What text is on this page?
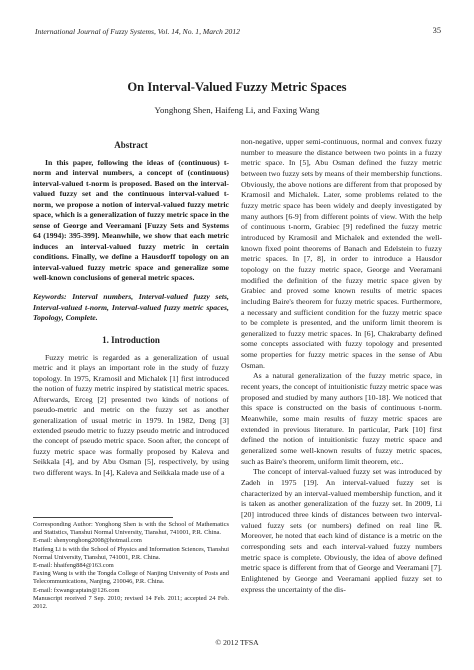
International Journal of Fuzzy Systems, Vol. 14, No. 1, March 2012	35
On Interval-Valued Fuzzy Metric Spaces
Yonghong Shen, Haifeng Li, and Faxing Wang
Abstract

In this paper, following the ideas of (continuous) t-norm and interval numbers, a concept of (continuous) interval-valued t-norm is proposed. Based on the interval-valued fuzzy set and the continuous interval-valued t-norm, we propose a notion of interval-valued fuzzy metric space, which is a generalization of fuzzy metric space in the sense of George and Veeramani [Fuzzy Sets and Systems 64 (1994): 395-399]. Meanwhile, we show that each metric induces an interval-valued fuzzy metric in certain conditions. Finally, we define a Hausdorff topology on an interval-valued fuzzy metric space and generalize some well-known conclusions of general metric spaces.

Keywords: Interval numbers, Interval-valued fuzzy sets, Interval-valued t-norm, Interval-valued fuzzy metric spaces, Topology, Complete.

1. Introduction

Fuzzy metric is regarded as a generalization of usual metric and it plays an important role in the study of fuzzy topology. In 1975, Kramosil and Michalek [1] first introduced the notion of fuzzy metric inspired by statistical metric spaces. Afterwards, Erceg [2] presented two kinds of notions of pseudo-metric and metric on the fuzzy set as another generalization of usual metric in 1979. In 1982, Deng [3] extended pseudo metric to fuzzy pseudo metric and introduced the concept of pseudo metric space. Soon after, the concept of fuzzy metric space was formally proposed by Kaleva and Seikkala [4], and by Abu Osman [5], respectively, by using two different ways. In [4], Kaleva and Seikkala made use of a

non-negative, upper semi-continuous, normal and convex fuzzy number to measure the distance between two points in a fuzzy metric space. In [5], Abu Osman defined the fuzzy metric between two fuzzy sets by means of their membership functions. Obviously, the above notions are different from that proposed by Kramosil and Michalek. Later, some problems related to the fuzzy metric space has been widely and deeply investigated by many authors [6-9] from different points of view. With the help of continuous t-norm, Grabiec [9] redefined the fuzzy metric introduced by Kramosil and Michalek and extended the well-known fixed point theorems of Banach and Edelstein to fuzzy metric spaces. In [7, 8], in order to introduce a Hausdor topology on the fuzzy metric space, George and Veeramani modified the definition of the fuzzy metric space given by Grabiec and proved some known results of metric spaces including Baire's theorem for fuzzy metric spaces. Furthermore, a necessary and sufficient condition for the fuzzy metric space to be complete is presented, and the uniform limit theorem is generalized to fuzzy metric spaces. In [6], Chakrabarty defined some concepts associated with fuzzy topology and presented some properties for fuzzy metric spaces in the sense of Abu Osman.

As a natural generalization of the fuzzy metric space, in recent years, the concept of intuitionistic fuzzy metric space was proposed and studied by many authors [10-18]. We noticed that this space is constructed on the basis of continuous t-norm. Meanwhile, some main results of fuzzy metric spaces are extended in previous literature. In particular, Park [10] first defined the notion of intuitionistic fuzzy metric space and generalized some well-known results of fuzzy metric spaces, such as Baire's theorem, uniform limit theorem, etc..

The concept of interval-valued fuzzy set was introduced by Zadeh in 1975 [19]. An interval-valued fuzzy set is characterized by an interval-valued membership function, and it is taken as another generalization of the fuzzy set. In 2009, Li [20] introduced three kinds of distances between two interval-valued fuzzy sets (or numbers) defined on real line ℝ. Moreover, he noted that each kind of distance is a metric on the corresponding sets and each interval-valued fuzzy numbers metric space is complete. Obviously, the idea of above defined metric space is different from that of George and Veeramani [7]. Enlightened by George and Veeramani applied fuzzy set to express the uncertainty of the dis-

Corresponding Author: Yonghong Shen is with the School of Mathematics and Statistics, Tianshui Normal University, Tianshui, 741001, P.R. China.
E-mail: shenyonghong2008@hotmail.com
Haifeng Li is with the School of Physics and Information Sciences, Tianshui Normal University, Tianshui, 741001, P.R. China.
E-mail: hhaifeng884@163.com
Faxing Wang is with the Tongda College of Nanjing University of Posts and Telecommunications, Nanjing, 210046, P.R. China.
E-mail: fxwangcaptain@126.com
Manuscript received 7 Sep. 2010; revised 14 Feb. 2011; accepted 24 Feb. 2012.
© 2012 TFSA
